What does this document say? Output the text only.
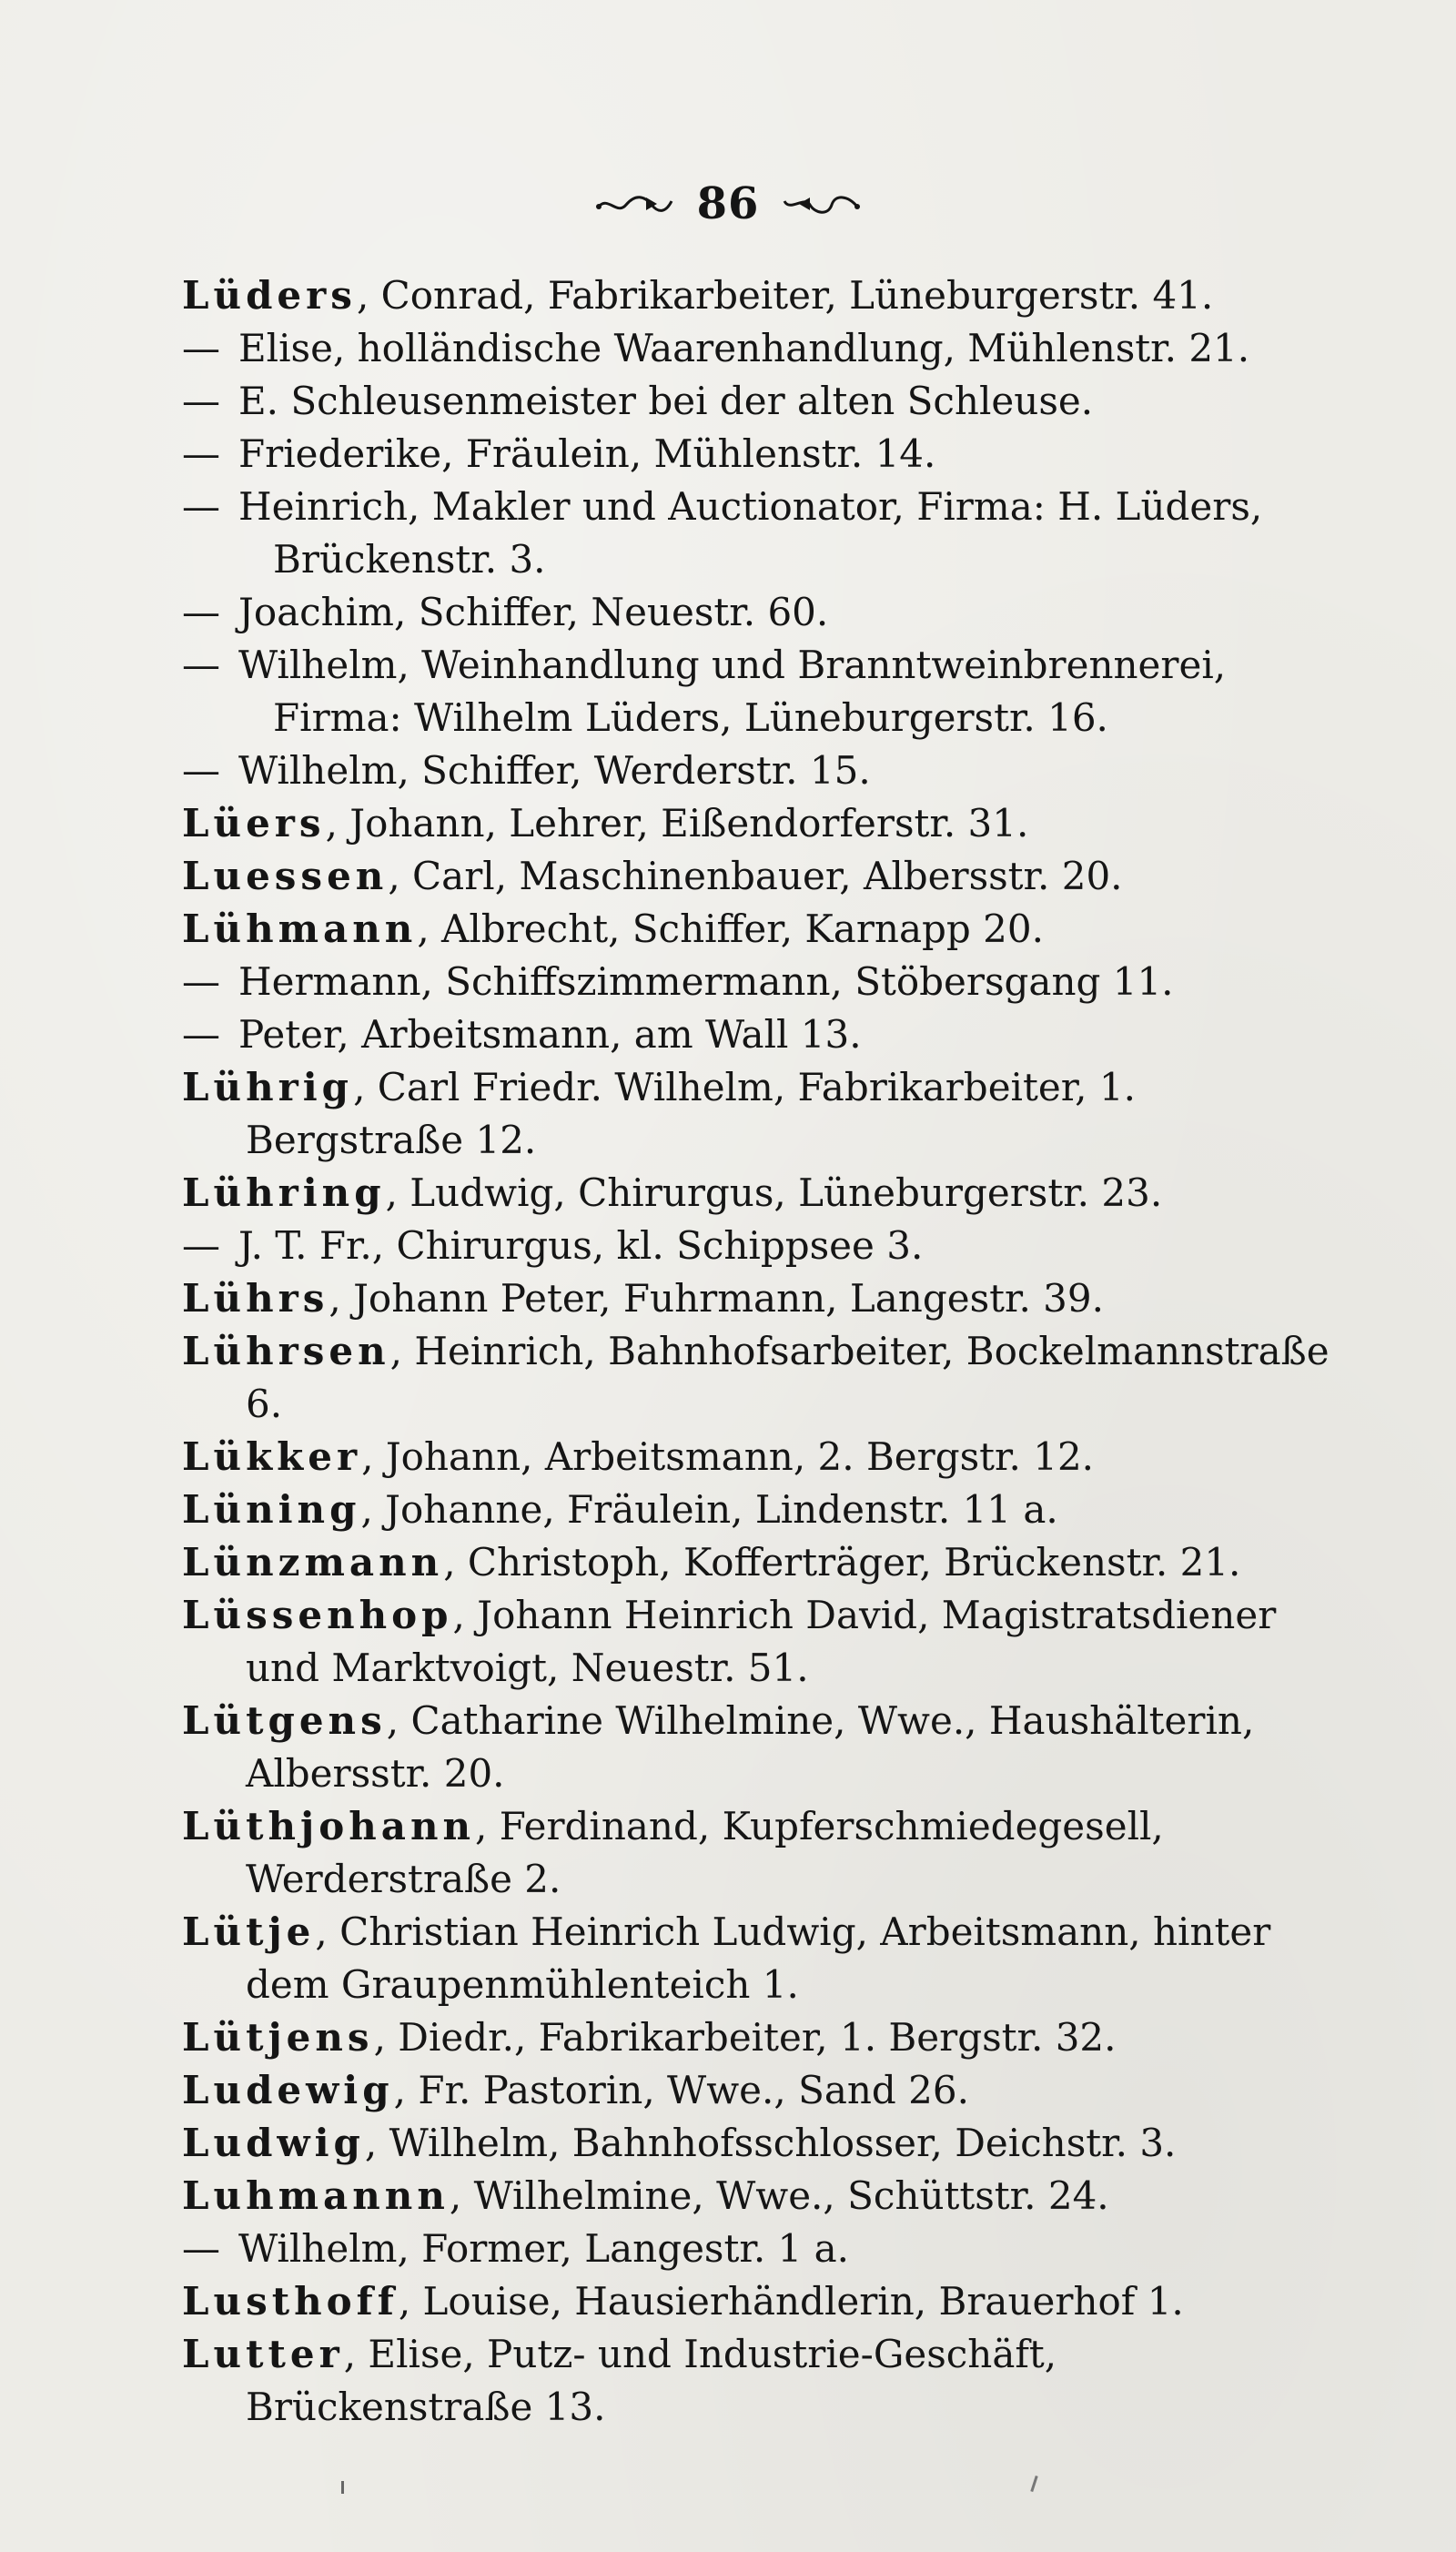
86
Lüders, Conrad, Fabrikarbeiter, Lüneburgerstr. 41.
— Elise, holländische Waarenhandlung, Mühlenstr. 21.
— E. Schleusenmeister bei der alten Schleuse.
— Friederike, Fräulein, Mühlenstr. 14.
— Heinrich, Makler und Auctionator, Firma: H. Lüders, Brückenstr. 3.
— Joachim, Schiffer, Neuestr. 60.
— Wilhelm, Weinhandlung und Branntweinbrennerei, Firma: Wilhelm Lüders, Lüneburgerstr. 16.
— Wilhelm, Schiffer, Werderstr. 15.
Lüers, Johann, Lehrer, Eißendorferstr. 31.
Luessen, Carl, Maschinenbauer, Albersstr. 20.
Lühmann, Albrecht, Schiffer, Karnapp 20.
— Hermann, Schiffszimmermann, Stöbersgang 11.
— Peter, Arbeitsmann, am Wall 13.
Lührig, Carl Friedr. Wilhelm, Fabrikarbeiter, 1. Bergstraße 12.
Lühring, Ludwig, Chirurgus, Lüneburgerstr. 23.
— J. T. Fr., Chirurgus, kl. Schippsee 3.
Lührs, Johann Peter, Fuhrmann, Langestr. 39.
Lührsen, Heinrich, Bahnhofsarbeiter, Bockelmannstraße 6.
Lükker, Johann, Arbeitsmann, 2. Bergstr. 12.
Lüning, Johanne, Fräulein, Lindenstr. 11 a.
Lünzmann, Christoph, Kofferträger, Brückenstr. 21.
Lüssenhop, Johann Heinrich David, Magistratsdiener und Marktvoigt, Neuestr. 51.
Lütgens, Catharine Wilhelmine, Wwe., Haushälterin, Albersstr. 20.
Lüthjohann, Ferdinand, Kupferschmiedegesell, Werderstraße 2.
Lütje, Christian Heinrich Ludwig, Arbeitsmann, hinter dem Graupenmühlenteich 1.
Lütjens, Diedr., Fabrikarbeiter, 1. Bergstr. 32.
Ludewig, Fr. Pastorin, Wwe., Sand 26.
Ludwig, Wilhelm, Bahnhofsschlosser, Deichstr. 3.
Luhmannn, Wilhelmine, Wwe., Schüttstr. 24.
— Wilhelm, Former, Langestr. 1 a.
Lusthoff, Louise, Hausierhändlerin, Brauerhof 1.
Lutter, Elise, Putz- und Industrie-Geschäft, Brückenstraße 13.
